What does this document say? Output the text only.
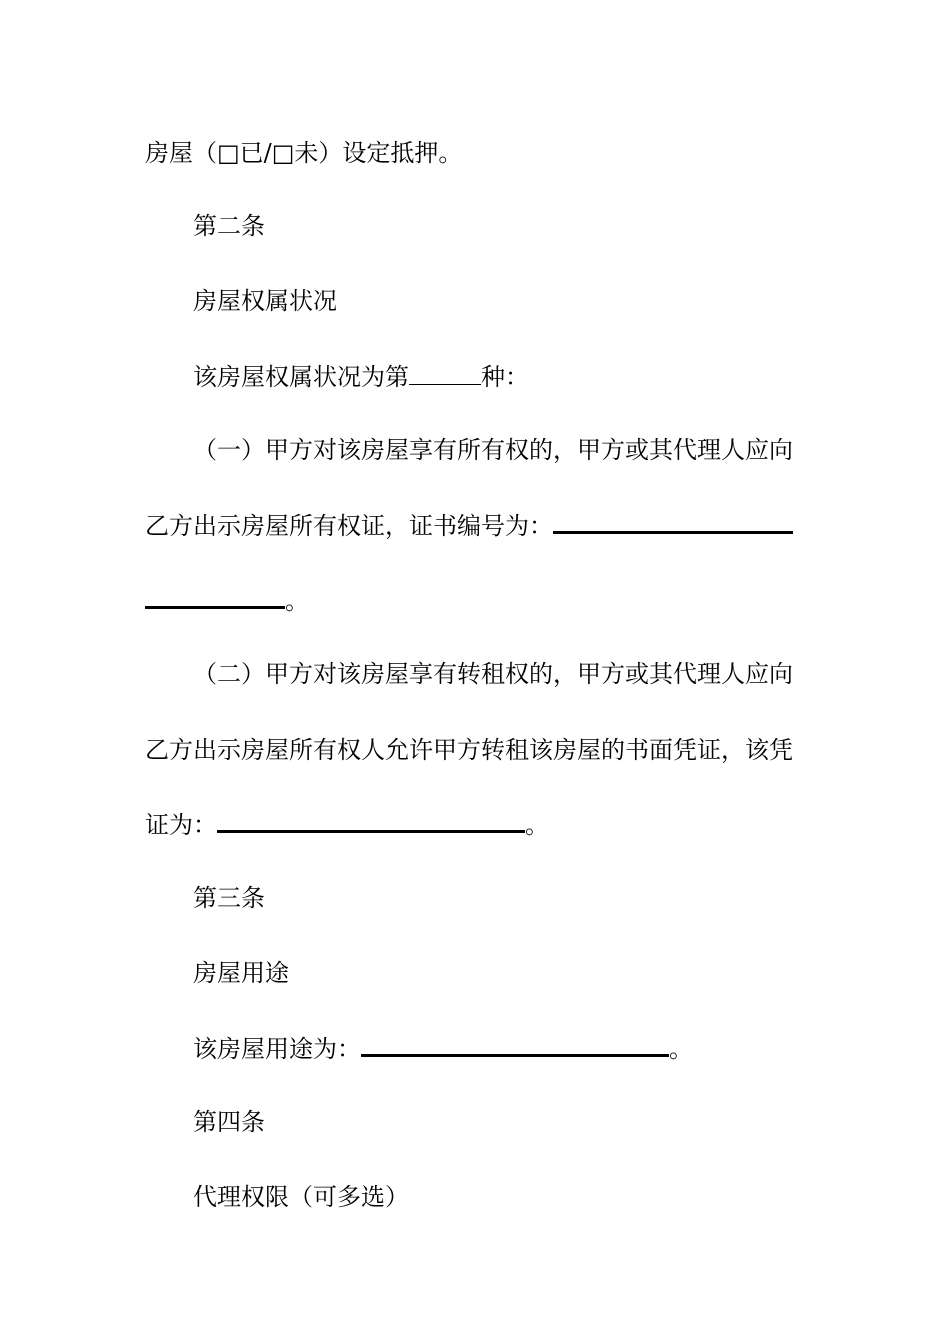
房屋（□已/□未）设定抵押。
第二条
房屋权属状况
该房屋权属状况为第	种：
（一）甲方对该房屋享有所有权的，甲方或其代理人应向
乙方出示房屋所有权证，证书编号为：
。
（二）甲方对该房屋享有转租权的，甲方或其代理人应向
乙方出示房屋所有权人允许甲方转租该房屋的书面凭证，该凭
证为：	。
第三条
房屋用途
该房屋用途为：	。
第四条
代理权限（可多选）
